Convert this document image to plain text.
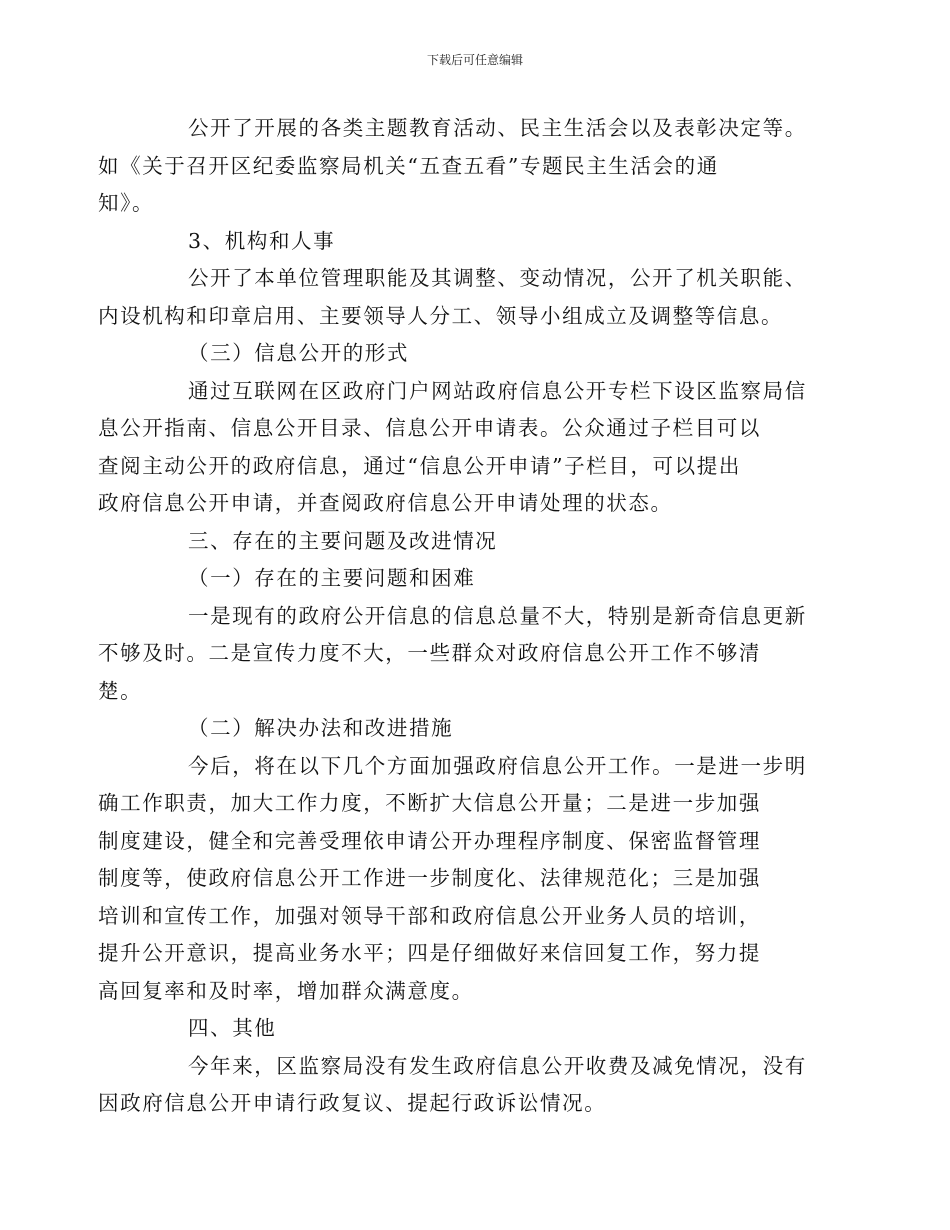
下载后可任意编辑

公开了开展的各类主题教育活动、民主生活会以及表彰决定等。
如《关于召开区纪委监察局机关“五查五看”专题民主生活会的通
知》。

3、机构和人事

公开了本单位管理职能及其调整、变动情况，公开了机关职能、
内设机构和印章启用、主要领导人分工、领导小组成立及调整等信息。

（三）信息公开的形式

通过互联网在区政府门户网站政府信息公开专栏下设区监察局信
息公开指南、信息公开目录、信息公开申请表。公众通过子栏目可以
查阅主动公开的政府信息，通过“信息公开申请”子栏目，可以提出
政府信息公开申请，并查阅政府信息公开申请处理的状态。

三、存在的主要问题及改进情况

（一）存在的主要问题和困难

一是现有的政府公开信息的信息总量不大，特别是新奇信息更新
不够及时。二是宣传力度不大，一些群众对政府信息公开工作不够清
楚。

（二）解决办法和改进措施

今后，将在以下几个方面加强政府信息公开工作。一是进一步明
确工作职责，加大工作力度，不断扩大信息公开量；二是进一步加强
制度建设，健全和完善受理依申请公开办理程序制度、保密监督管理
制度等，使政府信息公开工作进一步制度化、法律规范化；三是加强
培训和宣传工作，加强对领导干部和政府信息公开业务人员的培训，
提升公开意识，提高业务水平；四是仔细做好来信回复工作，努力提
高回复率和及时率，增加群众满意度。

四、其他

今年来，区监察局没有发生政府信息公开收费及减免情况，没有
因政府信息公开申请行政复议、提起行政诉讼情况。
